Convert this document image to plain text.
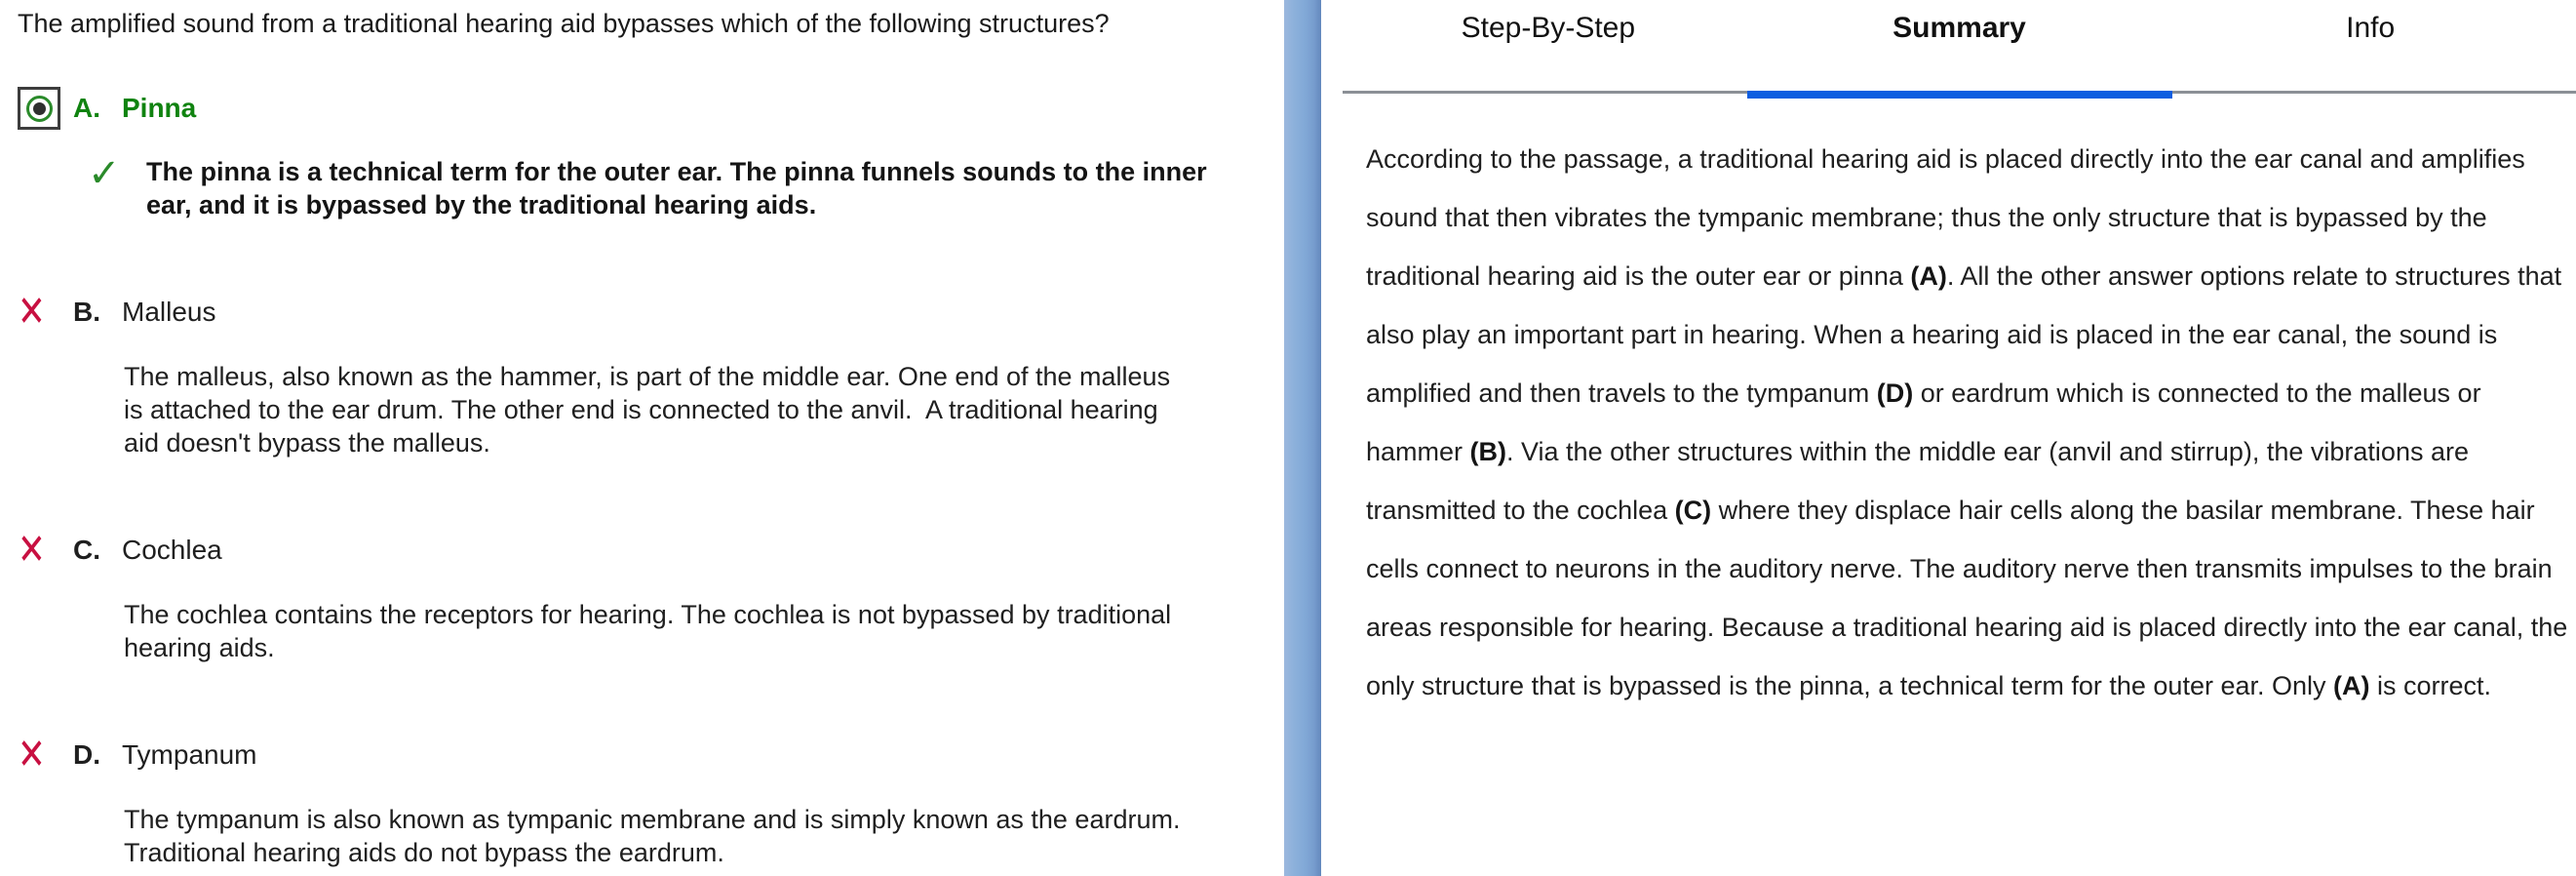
The amplified sound from a traditional hearing aid bypasses which of the following structures?
A. Pinna
✓ The pinna is a technical term for the outer ear. The pinna funnels sounds to the inner ear, and it is bypassed by the traditional hearing aids.
✕ B. Malleus
The malleus, also known as the hammer, is part of the middle ear. One end of the malleus is attached to the ear drum. The other end is connected to the anvil.  A traditional hearing aid doesn't bypass the malleus.
✕ C. Cochlea
The cochlea contains the receptors for hearing. The cochlea is not bypassed by traditional hearing aids.
✕ D. Tympanum
The tympanum is also known as tympanic membrane and is simply known as the eardrum. Traditional hearing aids do not bypass the eardrum.
Step-By-Step	Summary	Info
According to the passage, a traditional hearing aid is placed directly into the ear canal and amplifies sound that then vibrates the tympanic membrane; thus the only structure that is bypassed by the traditional hearing aid is the outer ear or pinna (A). All the other answer options relate to structures that also play an important part in hearing. When a hearing aid is placed in the ear canal, the sound is amplified and then travels to the tympanum (D) or eardrum which is connected to the malleus or hammer (B). Via the other structures within the middle ear (anvil and stirrup), the vibrations are transmitted to the cochlea (C) where they displace hair cells along the basilar membrane. These hair cells connect to neurons in the auditory nerve. The auditory nerve then transmits impulses to the brain areas responsible for hearing. Because a traditional hearing aid is placed directly into the ear canal, the only structure that is bypassed is the pinna, a technical term for the outer ear. Only (A) is correct.
